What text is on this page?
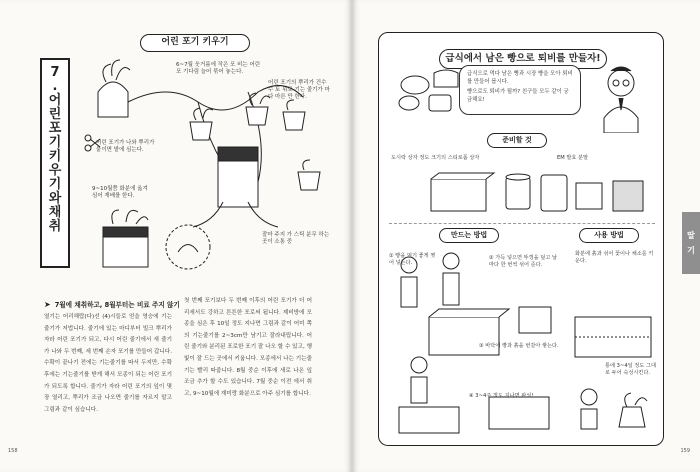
7
.
어
린
포
기
키
우
기
와
채
취
어린 포기 키우기
6~7월 웃거름에 작은 포 비는 어린 포 기다림 늘어 묶어 놓는다.
어린 포기의 뿌리가 건수 수 토 위로 기는 줄기가 마다 마른 만 한다.
어린 포기가 나와 뿌리가 붙이면 밭에 심는다.
잘마 주지 가 스틱 분무 하는 곳이 소통 중
9~10월쯤 화분에 옮겨 심어 재배를 한다.
➤ 7월에 채취하고, 8월부터는 비료 주지 않기
열기는 어리해랍(다)선 (4)시들로 얻을 영승에 기는줄기가 저법니다. 줄기에 있는 마디부터 빌크 뿌리가 자라 어린 포기가 되고, 다시 어린 줄기에서 새 줄기가 나와 두 번째, 세 번째 손자 포기를 만들어 갑니다. 수확이 끝나기 전에는 기는줄기를 따서 두지만, 수확 후에는 기는줄기를 받게 해서 모종이 되는 어린 포기가 되도록 합니다. 줄기가 자라 어린 포기의 잎이 몇 장 열리고, 뿌리가 조금 나오면 줄기를 자르지 말고 그림과 같이 심습니다.
첫 번째 포기보다 두 번째 이후의 어린 포기가 더 어리세서도 강하고 튼튼한 포로써 됩니다. 제비방에 모종을 심은 후 10일 정도 지나면 그림과 같이 어미 쪽의 기는줄기를 2~3cm만 남기고 잘라내립니다. 어린 줄기와 분리된 포로한 포기 잘 나오 할 수 있고, 행빛이 잘 드는 곳에서 키웁니다. 모종에서 나는 기는줄기는 빨리 따줍니다. 8월 중순 이후에 새로 나온 잎 조금 추가 할 수도 있습니다. 7월 중순 이전 에서 취고, 9~10월에 재미랑 화분으로 아주 심기를 합니다.
158
급식에서 남은 빵으로 퇴비를 만들자!
급식으로 먹다 남은 빵과 시장 빵을 모아 퇴비를 만들어 봅시다.
빵으로도 퇴비가 될까? 친구들 모두 같이 궁금해요!
준비할 것
도시락 상자 정도 크기의 스티로폼 상자	EM 발효 분말
만드는 방법	사용 방법
② 가득 넣으면 뚜껑을 덮고 날마다 한 번씩 섞어 준다.
① 빵을 먹기 좋게 찢어 넣는다.
③ 바닥에 빵과 흙을 번갈아 쌓는다.
④ 3~4주 정도 지나면 완성!
화분에 흙과 섞어 꽃이나 채소를 키운다.
통에 3~4일 정도 그대로 두어 숙성시킨다.
딸
기
159
